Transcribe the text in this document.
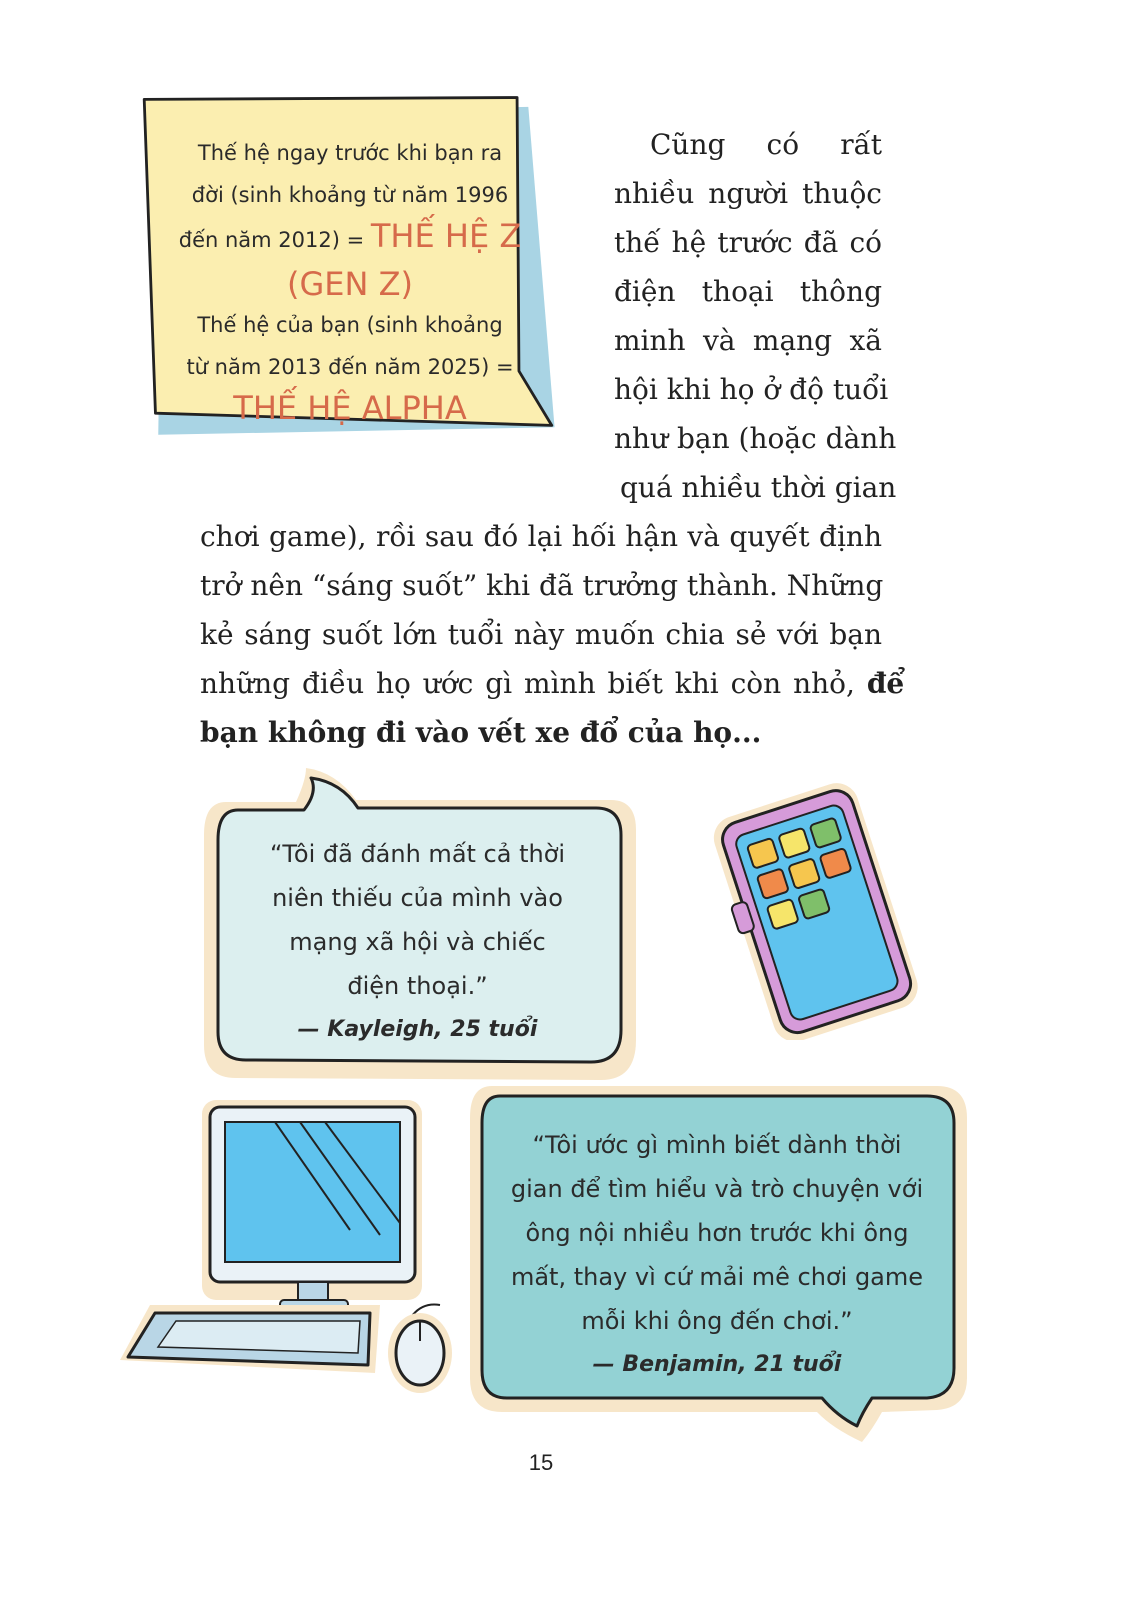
Thế hệ ngay trước khi bạn ra
đời (sinh khoảng từ năm 1996
đến năm 2012) = THẾ HỆ Z
(GEN Z)
Thế hệ của bạn (sinh khoảng
từ năm 2013 đến năm 2025) =
THẾ HỆ ALPHA
Cũng có rất
nhiều người thuộc
thế hệ trước đã có
điện thoại thông
minh và mạng xã
hội khi họ ở độ tuổi
như bạn (hoặc dành
quá nhiều thời gian
chơi game), rồi sau đó lại hối hận và quyết định
trở nên “sáng suốt” khi đã trưởng thành. Những
kẻ sáng suốt lớn tuổi này muốn chia sẻ với bạn
những điều họ ước gì mình biết khi còn nhỏ, để
bạn không đi vào vết xe đổ của họ...
“Tôi đã đánh mất cả thời
niên thiếu của mình vào
mạng xã hội và chiếc
điện thoại.”
— Kayleigh, 25 tuổi
“Tôi ước gì mình biết dành thời
gian để tìm hiểu và trò chuyện với
ông nội nhiều hơn trước khi ông
mất, thay vì cứ mải mê chơi game
mỗi khi ông đến chơi.”
— Benjamin, 21 tuổi
15
